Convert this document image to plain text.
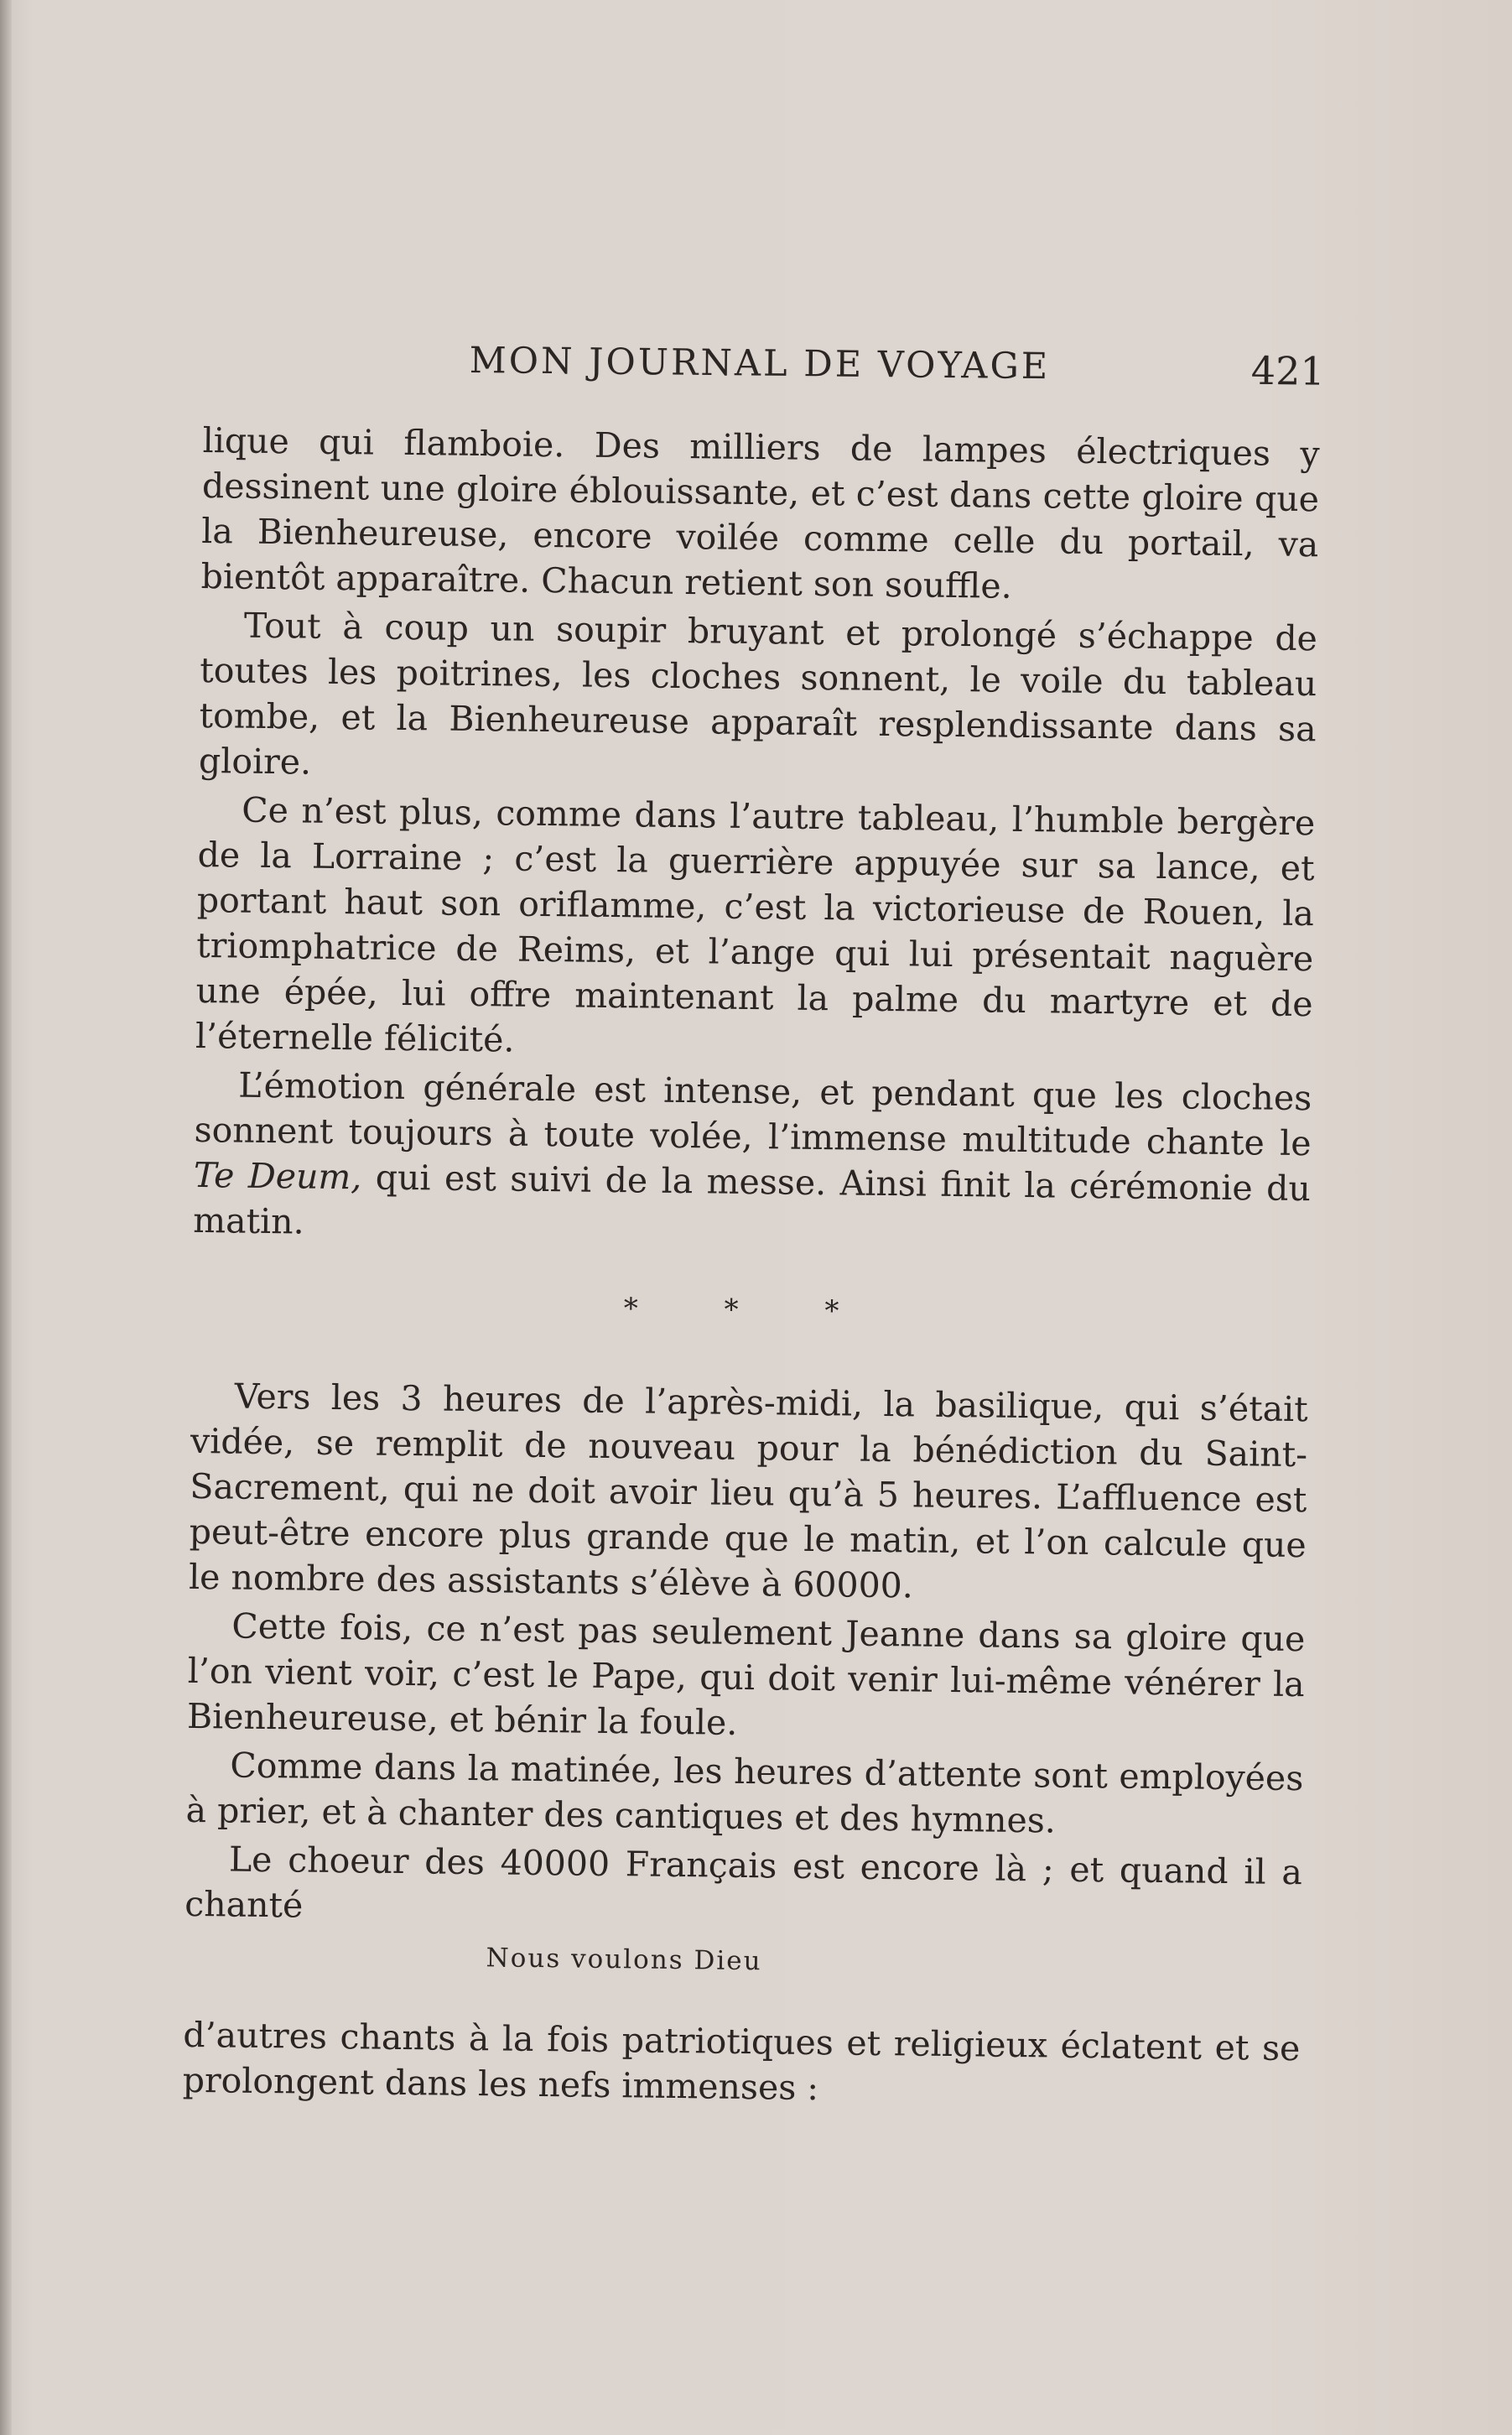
MON JOURNAL DE VOYAGE	421

lique qui flamboie. Des milliers de lampes électriques y dessinent une gloire éblouissante, et c’est dans cette gloire que la Bienheureuse, encore voilée comme celle du portail, va bientôt apparaître. Chacun retient son souffle.

Tout à coup un soupir bruyant et prolongé s’échappe de toutes les poitrines, les cloches sonnent, le voile du tableau tombe, et la Bienheureuse apparaît resplendissante dans sa gloire.

Ce n’est plus, comme dans l’autre tableau, l’humble bergère de la Lorraine ; c’est la guerrière appuyée sur sa lance, et portant haut son oriflamme, c’est la victorieuse de Rouen, la triomphatrice de Reims, et l’ange qui lui présentait naguère une épée, lui offre maintenant la palme du martyre et de l’éternelle félicité.

L’émotion générale est intense, et pendant que les cloches sonnent toujours à toute volée, l’immense multitude chante le Te Deum, qui est suivi de la messe. Ainsi finit la cérémonie du matin.

* * *

Vers les 3 heures de l’après-midi, la basilique, qui s’était vidée, se remplit de nouveau pour la bénédiction du Saint-Sacrement, qui ne doit avoir lieu qu’à 5 heures. L’affluence est peut-être encore plus grande que le matin, et l’on calcule que le nombre des assistants s’élève à 60000.

Cette fois, ce n’est pas seulement Jeanne dans sa gloire que l’on vient voir, c’est le Pape, qui doit venir lui-même vénérer la Bienheureuse, et bénir la foule.

Comme dans la matinée, les heures d’attente sont employées à prier, et à chanter des cantiques et des hymnes.

Le choeur des 40000 Français est encore là ; et quand il a chanté

Nous voulons Dieu

d’autres chants à la fois patriotiques et religieux éclatent et se prolongent dans les nefs immenses :
